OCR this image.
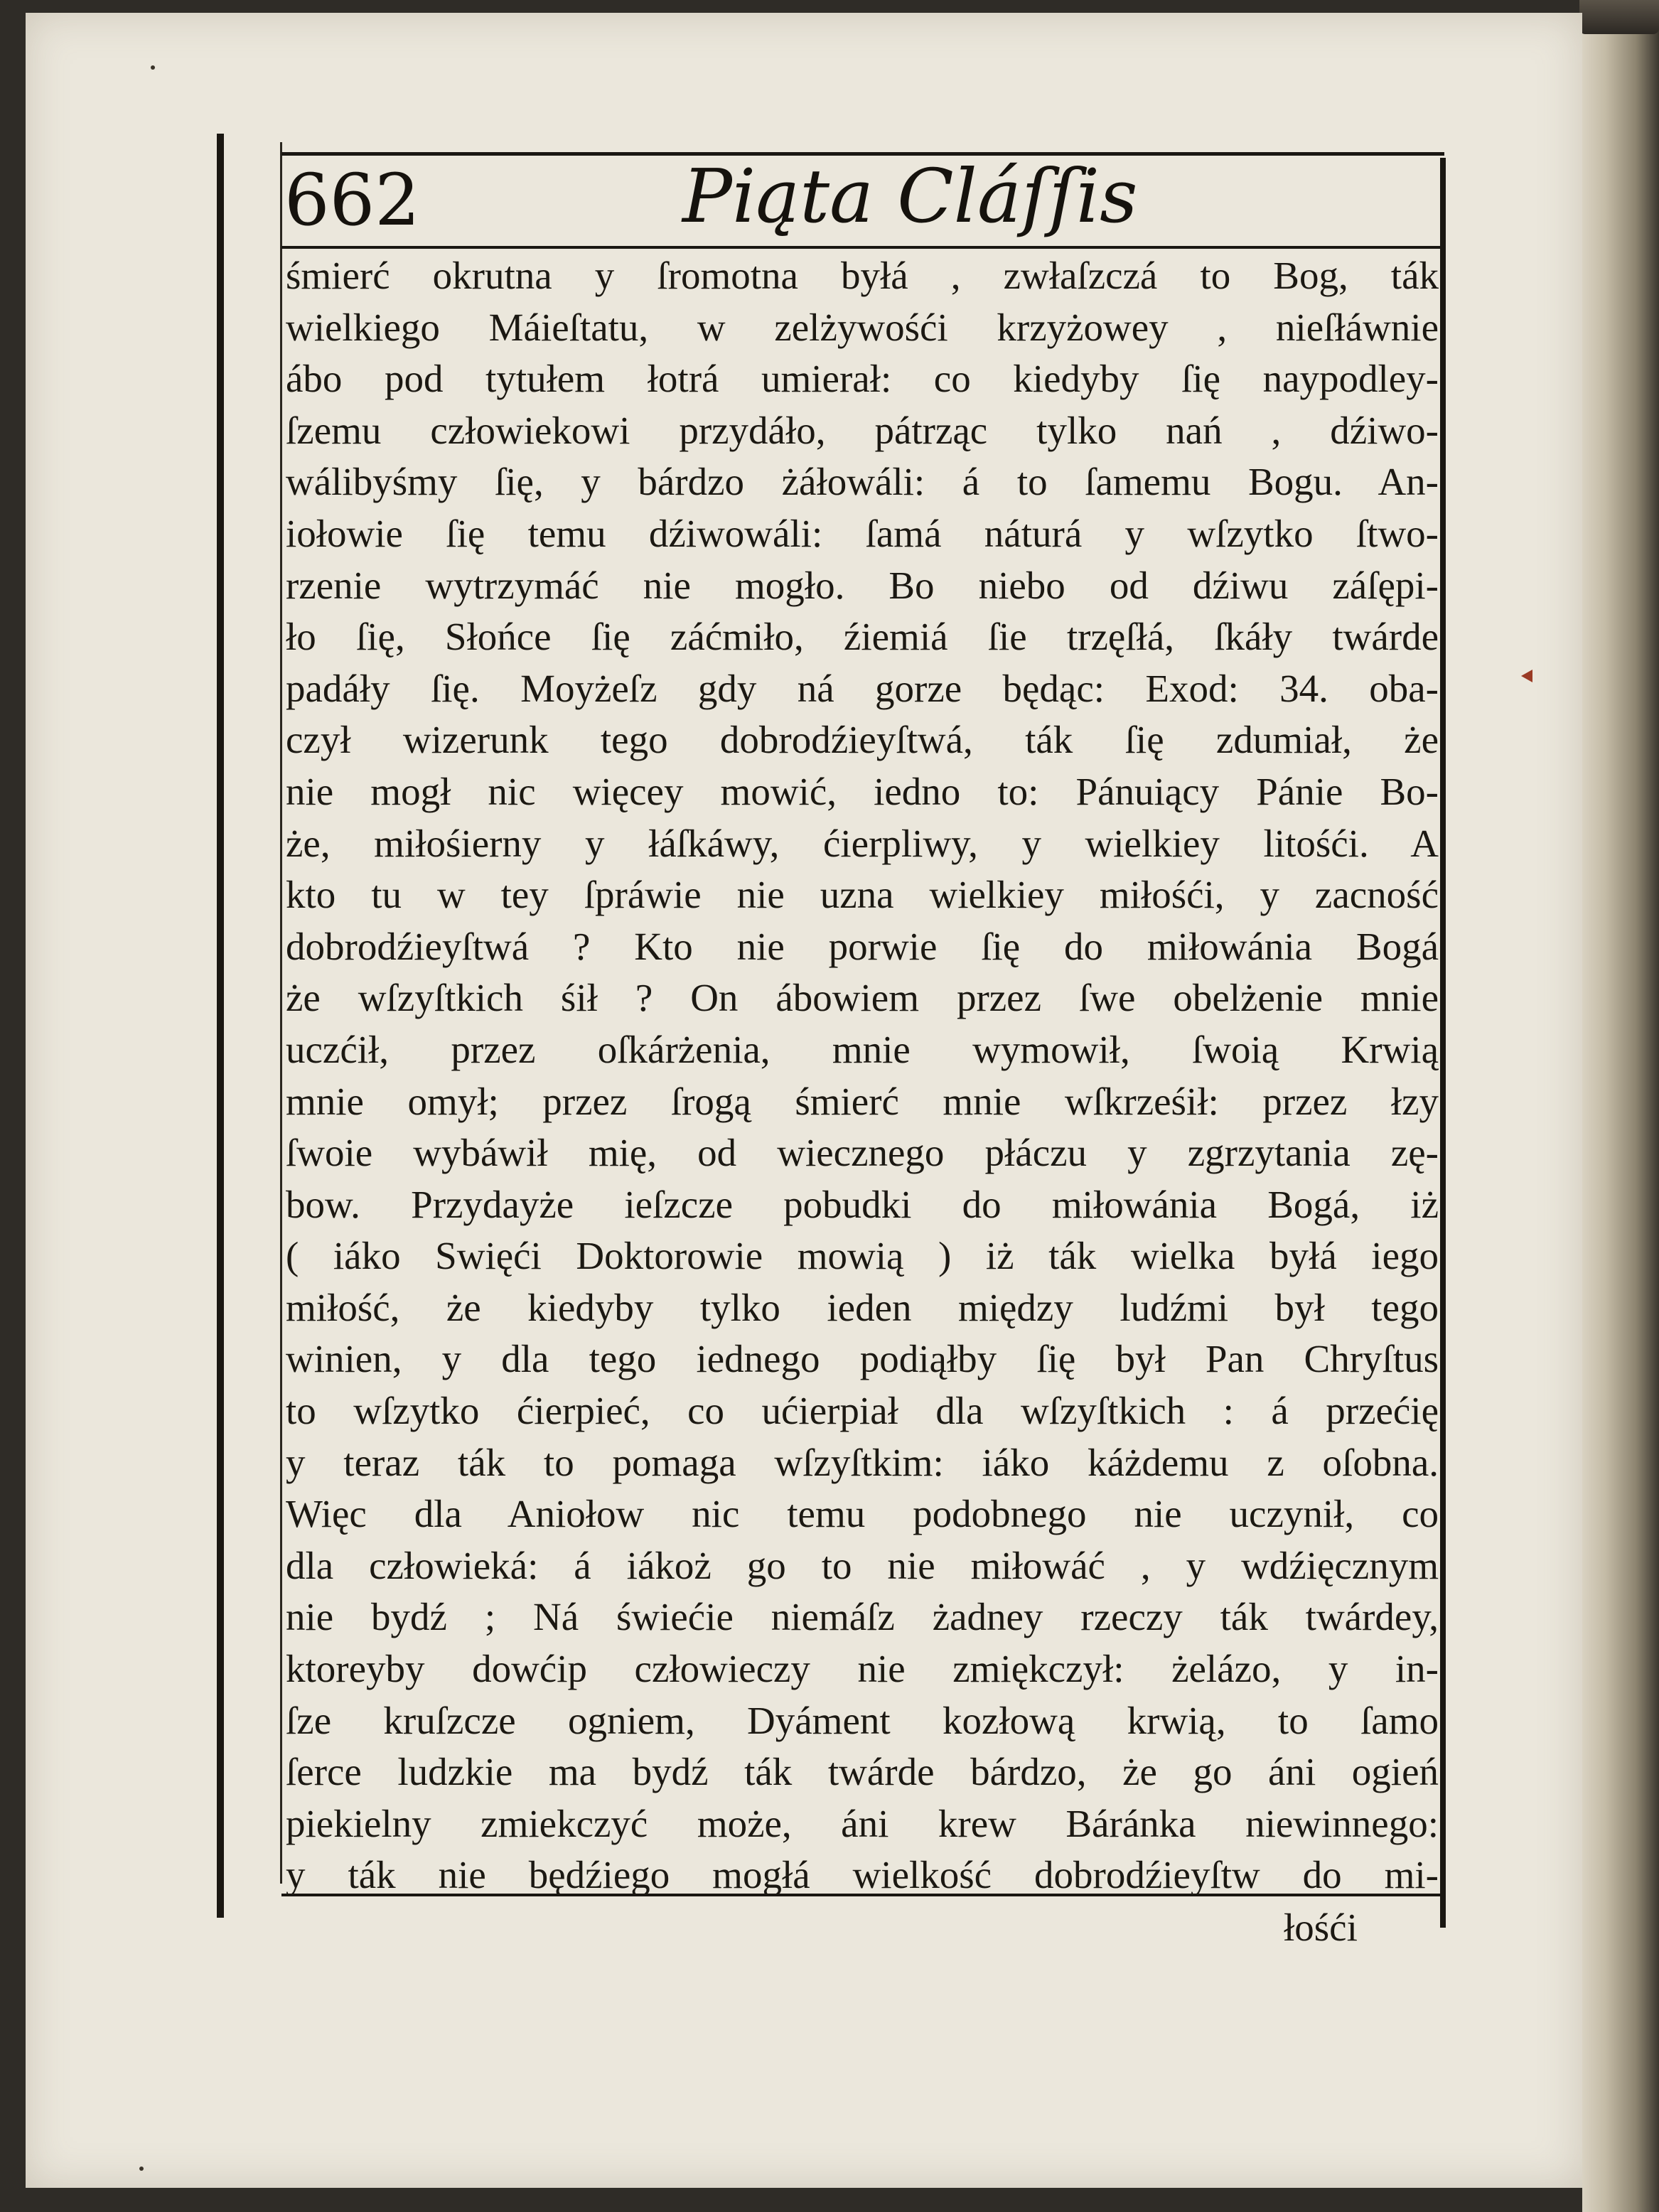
662	Piąta Cláſſis
śmierć okrutna y ſromotna byłá , zwłaſzczá to Bog, ták
wielkiego Máieſtatu, w zelżywośći krzyżowey , nieſłáwnie
ábo pod tytułem łotrá umierał: co kiedyby ſię naypodley-
ſzemu człowiekowi przydáło, pátrząc tylko nań , dźiwo-
wálibyśmy ſię, y bárdzo żáłowáli: á to ſamemu Bogu. An-
iołowie ſię temu dźiwowáli: ſamá náturá y wſzytko ſtwo-
rzenie wytrzymáć nie mogło. Bo niebo od dźiwu záſępi-
ło ſię, Słońce ſię záćmiło, źiemiá ſie trzęſłá, ſkáły twárde
padáły ſię. Moyżeſz gdy ná gorze będąc: Exod: 34. oba-
czył wizerunk tego dobrodźieyſtwá, ták ſię zdumiał, że
nie mogł nic więcey mowić, iedno to: Pánuiący Pánie Bo-
że, miłośierny y łáſkáwy, ćierpliwy, y wielkiey litośći. A
kto tu w tey ſpráwie nie uzna wielkiey miłośći, y zacność
dobrodźieyſtwá ? Kto nie porwie ſię do miłowánia Bogá
że wſzyſtkich śił ? On ábowiem przez ſwe obelżenie mnie
uczćił, przez oſkárżenia, mnie wymowił, ſwoią Krwią
mnie omył; przez ſrogą śmierć mnie wſkrześił: przez łzy
ſwoie wybáwił mię, od wiecznego płáczu y zgrzytania zę-
bow. Przydayże ieſzcze pobudki do miłowánia Bogá, iż
( iáko Swięći Doktorowie mowią ) iż ták wielka byłá iego
miłość, że kiedyby tylko ieden między ludźmi był tego
winien, y dla tego iednego podiąłby ſię był Pan Chryſtus
to wſzytko ćierpieć, co ućierpiał dla wſzyſtkich : á przećię
y teraz ták to pomaga wſzyſtkim: iáko káżdemu z oſobna.
Więc dla Aniołow nic temu podobnego nie uczynił, co
dla człowieká: á iákoż go to nie miłowáć , y wdźięcznym
nie bydź ; Ná świećie niemáſz żadney rzeczy ták twárdey,
ktoreyby dowćip człowieczy nie zmiękczył: żelázo, y in-
ſze kruſzcze ogniem, Dyáment kozłową krwią, to ſamo
ſerce ludzkie ma bydź ták twárde bárdzo, że go áni ogień
piekielny zmiekczyć może, áni krew Báránka niewinnego:
y ták nie będźiego mogłá wielkość dobrodźieyſtw do mi-
łośći
